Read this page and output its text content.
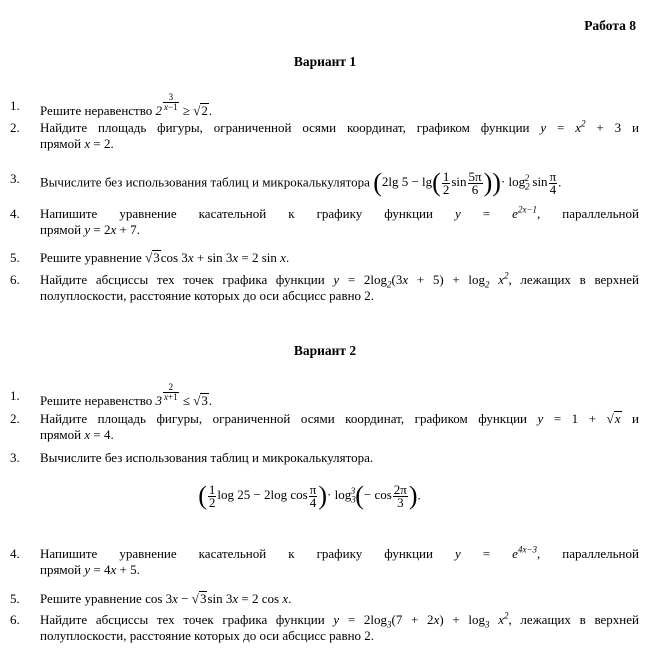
Работа 8
Вариант 1
1. Решите неравенство 2 $^{\frac{3}{x-1}}$ ≥ √2.
2. Найдите площадь фигуры, ограниченной осями координат, графиком функции $y = x^2 + 3$ и
прямой x = 2.
3. Вычислите без использования таблиц и микрокалькулятора (2lg $5 - \lg( \frac{1}{2}$ $\sin \frac{5\pi}{6}$ ))· $\log_2^2 \sin \frac{\pi}{4}$ .
4. Напишите уравнение касательной к графику функции $y = e^{2x-1}$, параллельной
прямой y = 2x + 7.
5. Решите уравнение √3cos 3x + sin 3x = 2 sin x.
6. Найдите абсциссы тех точек графика функции $y = 2\log_2(3x + 5) + \log_2 x^2$, лежащих в верхней полуплоскости, расстояние которых до оси абсцисс равно 2.
Вариант 2
1. Решите неравенство 3 $^{\frac{2}{x+1}}$ ≤ √3.
2. Найдите площадь фигуры, ограниченной осями координат, графиком функции y = 1 + √x и
прямой x = 4.
3. Вычислите без использования таблиц и микрокалькулятора.
( $\frac{1}{2}$ log 25 − 2log $\cos \frac{\pi}{4}$ )· $\log_3^3(- \cos \frac{2\pi}{3}$ ).
4. Напишите уравнение касательной к графику функции $y = e^{4x-3}$, параллельной
прямой y = 4x + 5.
5. Решите уравнение cos 3x − √3sin 3x = 2 cos x.
6. Найдите абсциссы тех точек графика функции $y = 2\log_3(7 + 2x) + \log_3 x^2$, лежащих в верхней полуплоскости, расстояние которых до оси абсцисс равно 2.
